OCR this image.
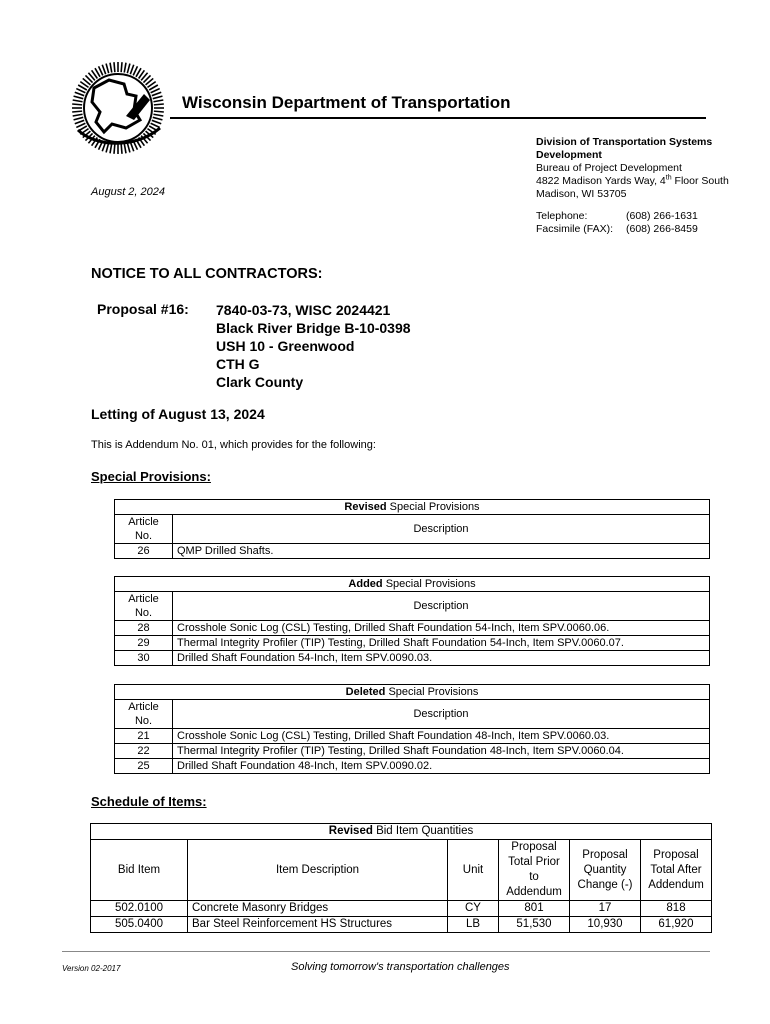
Wisconsin Department of Transportation
Division of Transportation Systems
Development
Bureau of Project Development
4822 Madison Yards Way, 4th Floor South
Madison, WI 53705
Telephone:	(608) 266-1631
Facsimile (FAX):	(608) 266-8459
August 2, 2024
NOTICE TO ALL CONTRACTORS:
Proposal #16: 7840-03-73, WISC 2024421
Black River Bridge B-10-0398
USH 10 - Greenwood
CTH G
Clark County
Letting of August 13, 2024
This is Addendum No. 01, which provides for the following:
Special Provisions:
Revised Special Provisions	
Article No.	Description
26	QMP Drilled Shafts.
Added Special Provisions	
Article No.	Description
28	Crosshole Sonic Log (CSL) Testing, Drilled Shaft Foundation 54-Inch, Item SPV.0060.06.
29	Thermal Integrity Profiler (TIP) Testing, Drilled Shaft Foundation 54-Inch, Item SPV.0060.07.
30	Drilled Shaft Foundation 54-Inch, Item SPV.0090.03.
Deleted Special Provisions	
Article No.	Description
21	Crosshole Sonic Log (CSL) Testing, Drilled Shaft Foundation 48-Inch, Item SPV.0060.03.
22	Thermal Integrity Profiler (TIP) Testing, Drilled Shaft Foundation 48-Inch, Item SPV.0060.04.
25	Drilled Shaft Foundation 48-Inch, Item SPV.0090.02.
Schedule of Items:
Revised Bid Item Quantities					
Bid Item	Item Description	Unit	Proposal Total Prior to Addendum	Proposal Quantity Change (-)	Proposal Total After Addendum
502.0100	Concrete Masonry Bridges	CY	801	17	818
505.0400	Bar Steel Reinforcement HS Structures	LB	51,530	10,930	61,920
Version 02-2017	Solving tomorrow's transportation challenges
